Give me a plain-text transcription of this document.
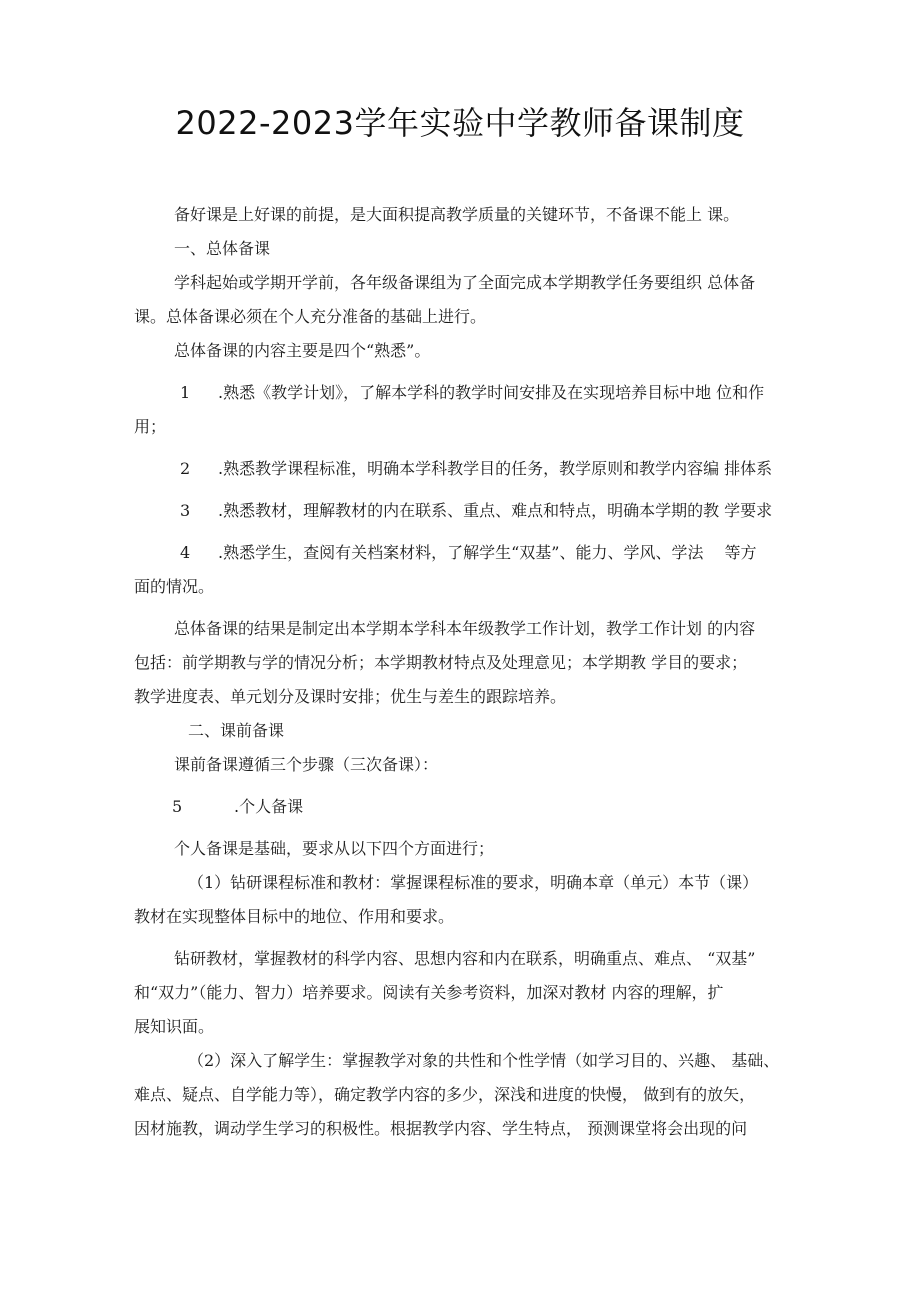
2022-2023学年实验中学教师备课制度
备好课是上好课的前提，是大面积提高教学质量的关键环节，不备课不能上 课。
一、总体备课
学科起始或学期开学前，各年级备课组为了全面完成本学期教学任务要组织 总体备
课。总体备课必须在个人充分准备的基础上进行。
总体备课的内容主要是四个“熟悉”。
1 .熟悉《教学计划》，了解本学科的教学时间安排及在实现培养目标中地 位和作
用；
2 .熟悉教学课程标准，明确本学科教学目的任务，教学原则和教学内容编 排体系
3 .熟悉教材，理解教材的内在联系、重点、难点和特点，明确本学期的教 学要求
4 .熟悉学生，查阅有关档案材料，了解学生“双基”、能力、学风、学法　 等方
面的情况。
总体备课的结果是制定出本学期本学科本年级教学工作计划，教学工作计划 的内容
包括：前学期教与学的情况分析；本学期教材特点及处理意见；本学期教 学目的要求；
教学进度表、单元划分及课时安排；优生与差生的跟踪培养。
二、课前备课
课前备课遵循三个步骤（三次备课）：
5	.个人备课
个人备课是基础，要求从以下四个方面进行；
（1）钻研课程标准和教材：掌握课程标准的要求，明确本章（单元）本节（课）
教材在实现整体目标中的地位、作用和要求。
钻研教材，掌握教材的科学内容、思想内容和内在联系，明确重点、难点、 “双基”
和“双力”（能力、智力）培养要求。阅读有关参考资料，加深对教材 内容的理解，扩
展知识面。
（2）深入了解学生：掌握教学对象的共性和个性学情（如学习目的、兴趣、 基础、
难点、疑点、自学能力等），确定教学内容的多少，深浅和进度的快慢， 做到有的放矢，
因材施教，调动学生学习的积极性。根据教学内容、学生特点， 预测课堂将会出现的问
